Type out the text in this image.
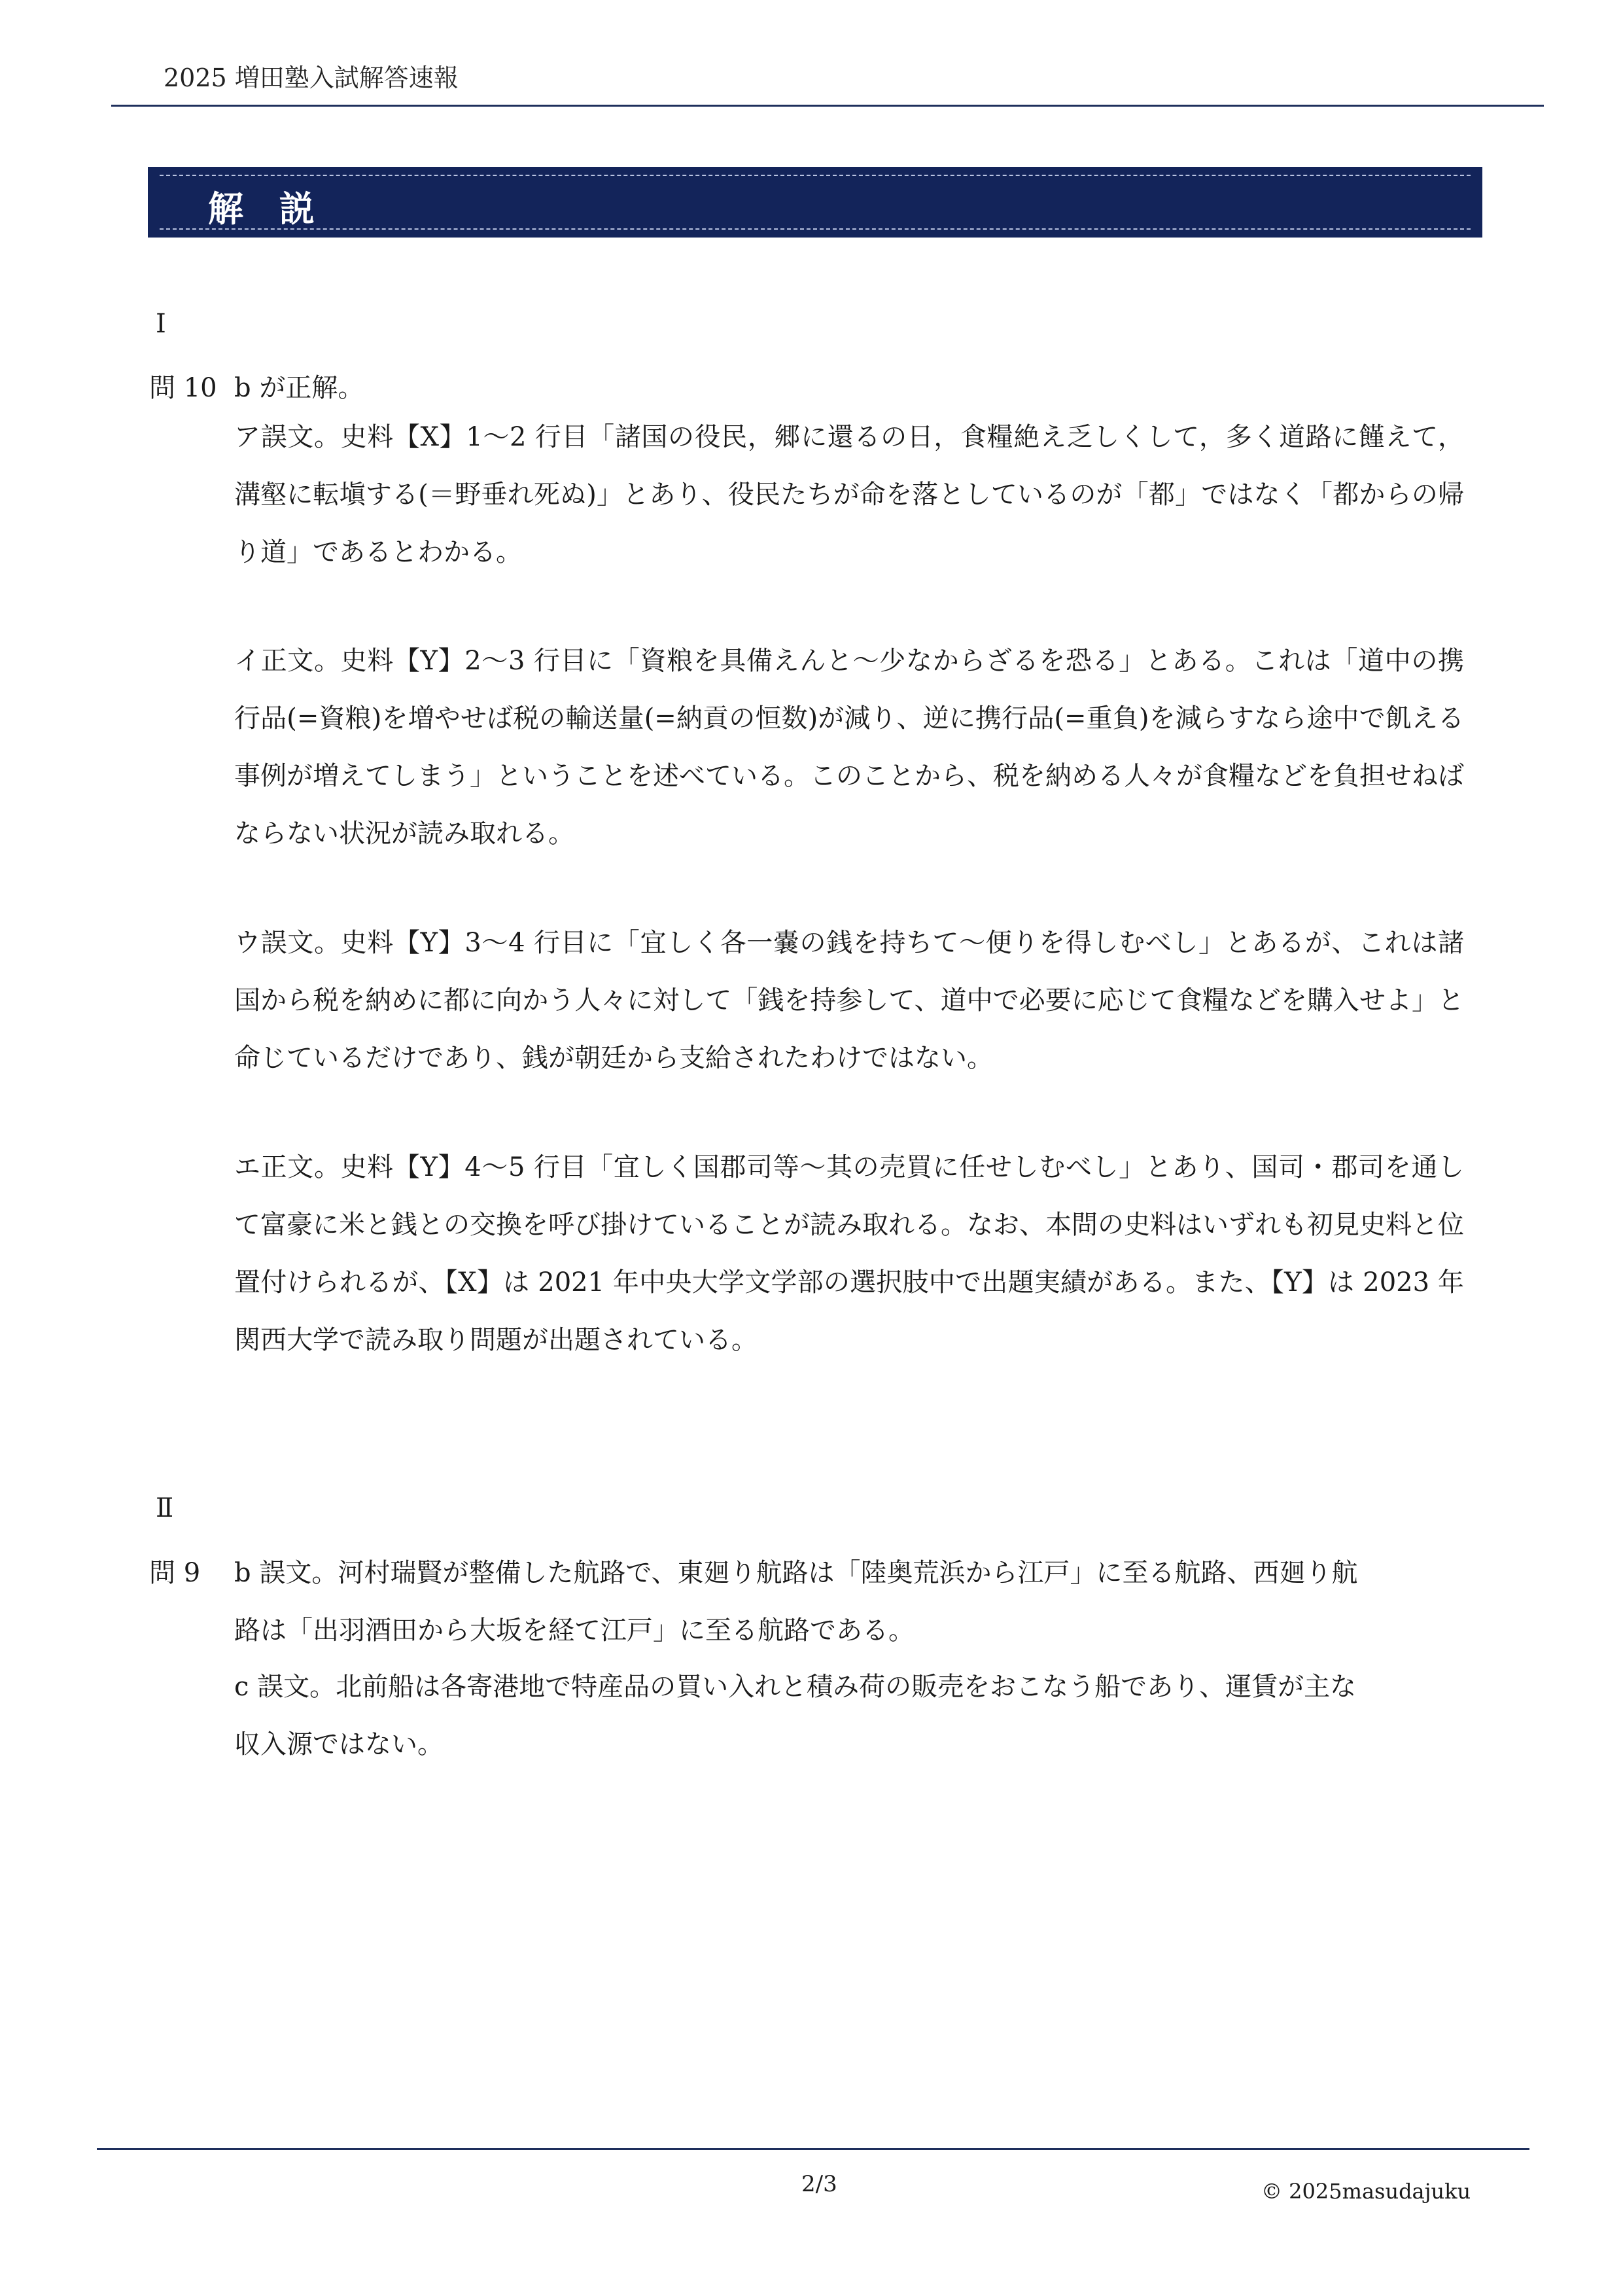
2025 増田塾入試解答速報
解 説
Ⅰ
問 10 b が正解。

ア誤文。史料【X】1～2 行目「諸国の役民，郷に還るの日，食糧絶え乏しくして，多く道路に饉えて，溝壑に転塡する(＝野垂れ死ぬ)」とあり、役民たちが命を落としているのが「都」ではなく「都からの帰り道」であるとわかる。

イ正文。史料【Y】2～3 行目に「資粮を具備えんと～少なからざるを恐る」とある。これは「道中の携行品(=資粮)を増やせば税の輸送量(=納貢の恒数)が減り、逆に携行品(=重負)を減らすなら途中で飢える事例が増えてしまう」ということを述べている。このことから、税を納める人々が食糧などを負担せねばならない状況が読み取れる。

ウ誤文。史料【Y】3～4 行目に「宜しく各一嚢の銭を持ちて～便りを得しむべし」とあるが、これは諸国から税を納めに都に向かう人々に対して「銭を持参して、道中で必要に応じて食糧などを購入せよ」と命じているだけであり、銭が朝廷から支給されたわけではない。

エ正文。史料【Y】4～5 行目「宜しく国郡司等～其の売買に任せしむべし」とあり、国司・郡司を通して富豪に米と銭との交換を呼び掛けていることが読み取れる。なお、本問の史料はいずれも初見史料と位置付けられるが、【X】は 2021 年中央大学文学部の選択肢中で出題実績がある。また、【Y】は 2023 年関西大学で読み取り問題が出題されている。

Ⅱ
問 9 b 誤文。河村瑞賢が整備した航路で、東廻り航路は「陸奥荒浜から江戸」に至る航路、西廻り航
路は「出羽酒田から大坂を経て江戸」に至る航路である。
c 誤文。北前船は各寄港地で特産品の買い入れと積み荷の販売をおこなう船であり、運賃が主な
収入源ではない。
2/3	© 2025masudajuku
